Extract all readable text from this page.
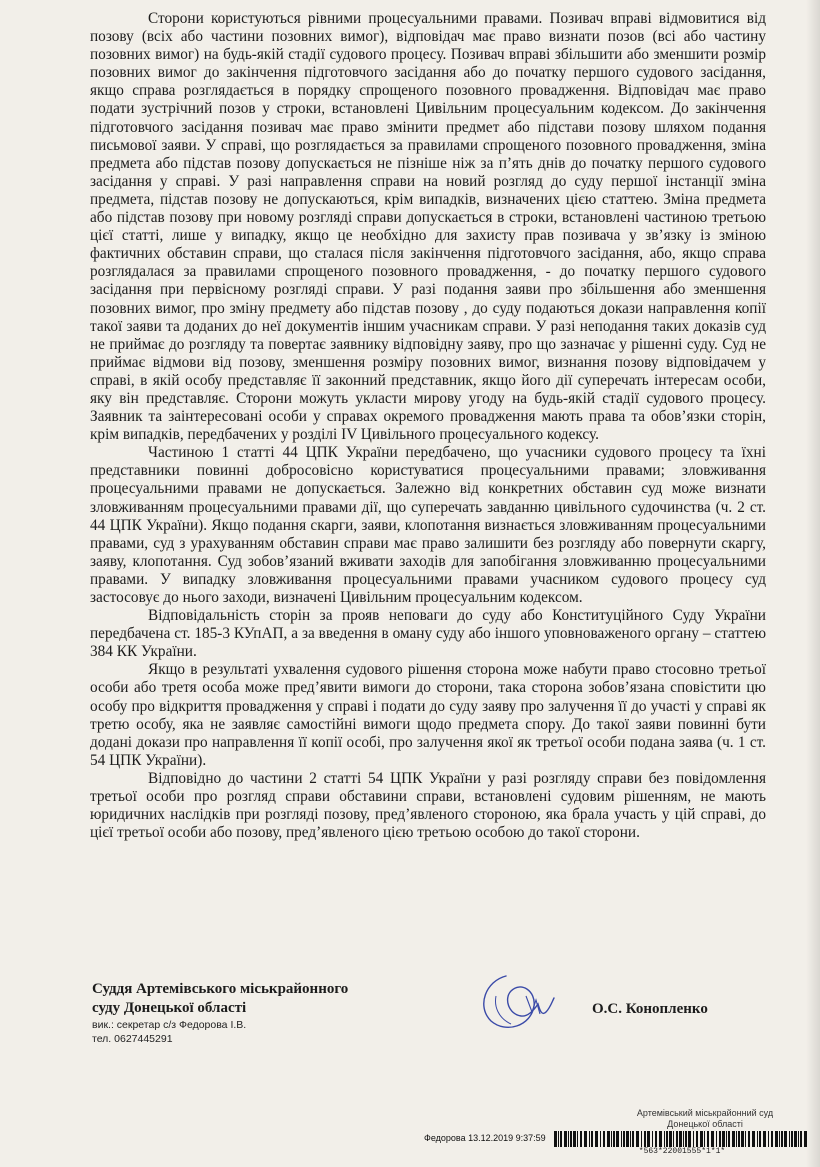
Сторони користуються рівними процесуальними правами. Позивач вправі відмовитися від позову (всіх або частини позовних вимог), відповідач має право визнати позов (всі або частину позовних вимог) на будь-якій стадії судового процесу. Позивач вправі збільшити або зменшити розмір позовних вимог до закінчення підготовчого засідання або до початку першого судового засідання, якщо справа розглядається в порядку спрощеного позовного провадження. Відповідач має право подати зустрічний позов у строки, встановлені Цивільним процесуальним кодексом. До закінчення підготовчого засідання позивач має право змінити предмет або підстави позову шляхом подання письмової заяви. У справі, що розглядається за правилами спрощеного позовного провадження, зміна предмета або підстав позову допускається не пізніше ніж за п’ять днів до початку першого судового засідання у справі. У разі направлення справи на новий розгляд до суду першої інстанції зміна предмета, підстав позову не допускаються, крім випадків, визначених цією статтею. Зміна предмета або підстав позову при новому розгляді справи допускається в строки, встановлені частиною третьою цієї статті, лише у випадку, якщо це необхідно для захисту прав позивача у зв’язку із зміною фактичних обставин справи, що сталася після закінчення підготовчого засідання, або, якщо справа розглядалася за правилами спрощеного позовного провадження, - до початку першого судового засідання при первісному розгляді справи. У разі подання заяви про збільшення або зменшення позовних вимог, про зміну предмету або підстав позову , до суду подаються докази направлення копії такої заяви та доданих до неї документів іншим учасникам справи. У разі неподання таких доказів суд не приймає до розгляду та повертає заявнику відповідну заяву, про що зазначає у рішенні суду. Суд не приймає відмови від позову, зменшення розміру позовних вимог, визнання позову відповідачем у справі, в якій особу представляє її законний представник, якщо його дії суперечать інтересам особи, яку він представляє. Сторони можуть укласти мирову угоду на будь-якій стадії судового процесу. Заявник та заінтересовані особи у справах окремого провадження мають права та обов’язки сторін, крім випадків, передбачених у розділі IV Цивільного процесуального кодексу.

Частиною 1 статті 44 ЦПК України передбачено, що учасники судового процесу та їхні представники повинні добросовісно користуватися процесуальними правами; зловживання процесуальними правами не допускається. Залежно від конкретних обставин суд може визнати зловживанням процесуальними правами дії, що суперечать завданню цивільного судочинства (ч. 2 ст. 44 ЦПК України). Якщо подання скарги, заяви, клопотання визнається зловживанням процесуальними правами, суд з урахуванням обставин справи має право залишити без розгляду або повернути скаргу, заяву, клопотання. Суд зобов’язаний вживати заходів для запобігання зловживанню процесуальними правами. У випадку зловживання процесуальними правами учасником судового процесу суд застосовує до нього заходи, визначені Цивільним процесуальним кодексом.

Відповідальність сторін за прояв неповаги до суду або Конституційного Суду України передбачена ст. 185-3 КУпАП, а за введення в оману суду або іншого уповноваженого органу – статтею 384 КК України.

Якщо в результаті ухвалення судового рішення сторона може набути право стосовно третьої особи або третя особа може пред’явити вимоги до сторони, така сторона зобов’язана сповістити цю особу про відкриття провадження у справі і подати до суду заяву про залучення її до участі у справі як третю особу, яка не заявляє самостійні вимоги щодо предмета спору. До такої заяви повинні бути додані докази про направлення її копії особі, про залучення якої як третьої особи подана заява (ч. 1 ст. 54 ЦПК України).

Відповідно до частини 2 статті 54 ЦПК України у разі розгляду справи без повідомлення третьої особи про розгляд справи обставини справи, встановлені судовим рішенням, не мають юридичних наслідків при розгляді позову, пред’явленого стороною, яка брала участь у цій справі, до цієї третьої особи або позову, пред’явленого цією третьою особою до такої сторони.

Суддя Артемівського міськрайонного
суду Донецької області
вик.: секретар с/з Федорова І.В.
тел. 0627445291
О.С. Конопленко
Артемівський міськрайонний суд
Донецької області
Федорова 13.12.2019 9:37:59
*563*22001555*1*1*
